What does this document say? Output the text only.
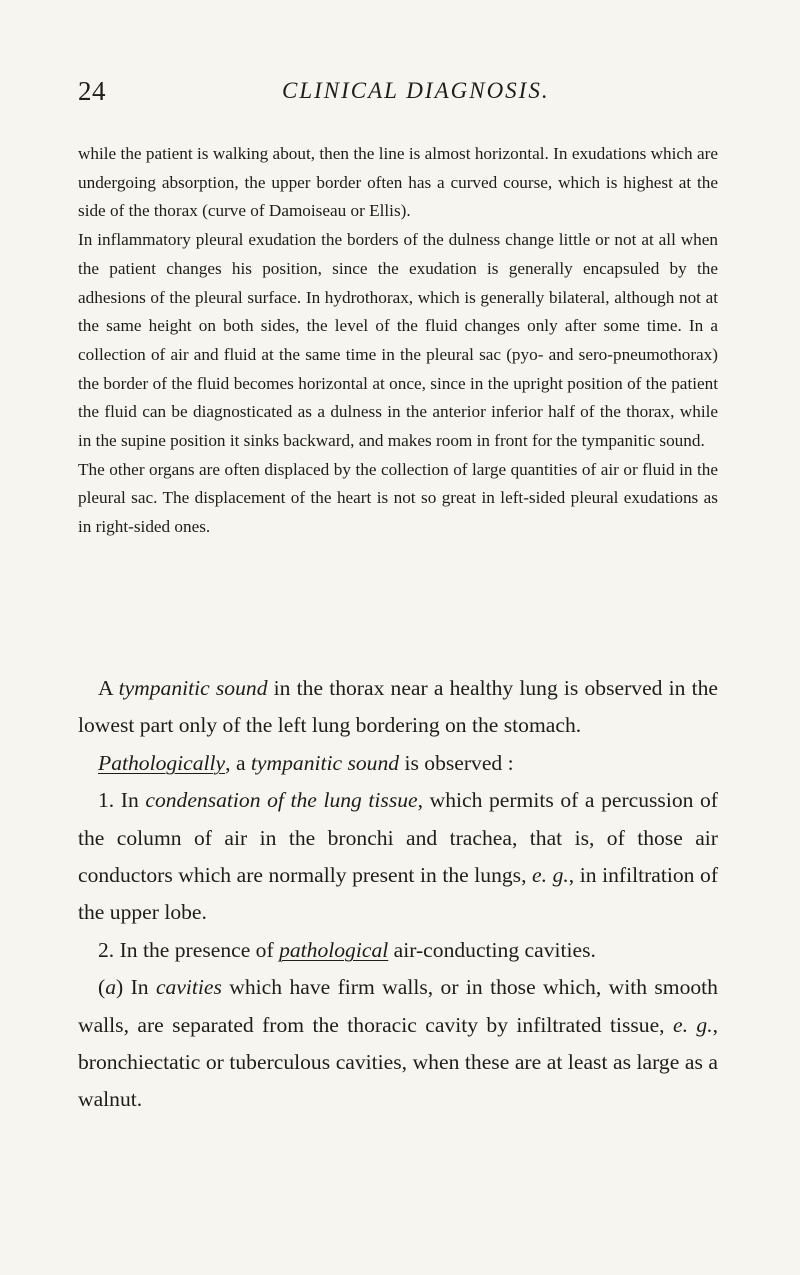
24	CLINICAL DIAGNOSIS.

while the patient is walking about, then the line is almost horizontal. In exudations which are undergoing absorption, the upper border often has a curved course, which is highest at the side of the thorax (curve of Damoiseau or Ellis).

In inflammatory pleural exudation the borders of the dulness change little or not at all when the patient changes his position, since the exudation is generally encapsuled by the adhesions of the pleural surface. In hydrothorax, which is generally bilateral, although not at the same height on both sides, the level of the fluid changes only after some time. In a collection of air and fluid at the same time in the pleural sac (pyo- and sero-pneumothorax) the border of the fluid becomes horizontal at once, since in the upright position of the patient the fluid can be diagnosticated as a dulness in the anterior inferior half of the thorax, while in the supine position it sinks backward, and makes room in front for the tympanitic sound.

The other organs are often displaced by the collection of large quantities of air or fluid in the pleural sac. The displacement of the heart is not so great in left-sided pleural exudations as in right-sided ones.

A tympanitic sound in the thorax near a healthy lung is observed in the lowest part only of the left lung bordering on the stomach.

Pathologically, a tympanitic sound is observed :

1. In condensation of the lung tissue, which permits of a percussion of the column of air in the bronchi and trachea, that is, of those air conductors which are normally present in the lungs, e. g., in infiltration of the upper lobe.

2. In the presence of pathological air-conducting cavities.

(a) In cavities which have firm walls, or in those which, with smooth walls, are separated from the thoracic cavity by infiltrated tissue, e. g., bronchiectatic or tuberculous cavities, when these are at least as large as a walnut.
